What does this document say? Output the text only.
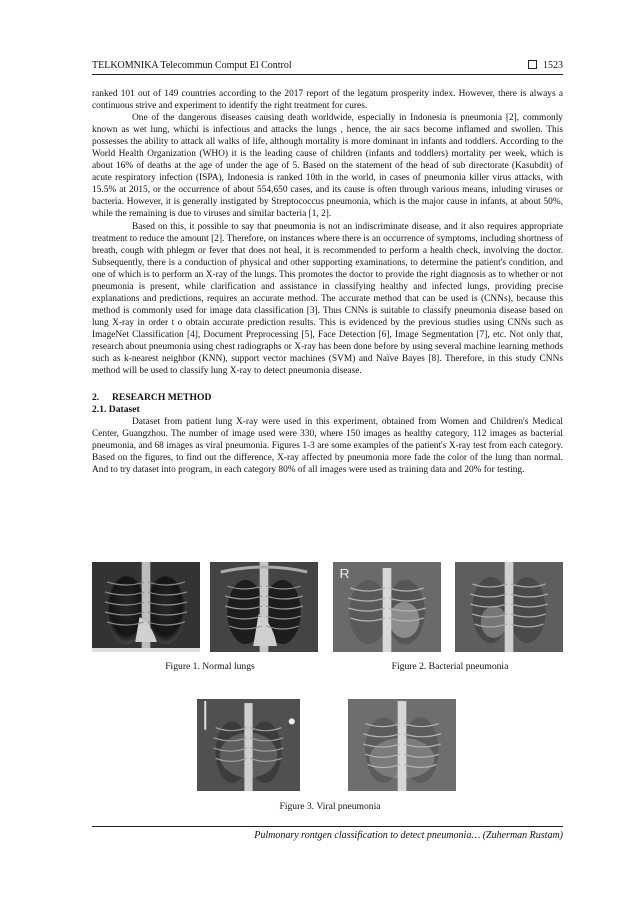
TELKOMNIKA Telecommun Comput El Control	1523

ranked 101 out of 149 countries according to the 2017 report of the legatum prosperity index. However, there is always a continuous strive and experiment to identify the right treatment for cures.

One of the dangerous diseases causing death worldwide, especially in Indonesia is pneumonia [2], commonly known as wet lung, whichi is infectious and attacks the lungs , hence, the air sacs become inflamed and swollen. This possesses the ability to attack all walks of life, although mortality is more dominant in infants and toddlers. According to the World Health Organization (WHO) it is the leading cause of children (infants and toddlers) mortality per week, which is about 16% of deaths at the age of under the age of 5. Based on the statement of the head of sub directorate (Kasubdit) of acute respiratory infection (ISPA), Indonesia is ranked 10th in the world, in cases of pneumonia killer virus attacks, with 15.5% at 2015, or the occurrence of about 554,650 cases, and its cause is often through various means, inluding viruses or bacteria. However, it is generally instigated by Streptococcus pneumonia, which is the major cause in infants, at about 50%, while the remaining is due to viruses and similar bacteria [1, 2].

Based on this, it possible to say that pneumonia is not an indiscriminate disease, and it also requires appropriate treatment to reduce the amount [2]. Therefore, on instances where there is an occurrence of symptoms, including shortness of breath, cough with phlegm or fever that does not heal, it is recommended to perform a health check, involving the doctor. Subsequently, there is a conduction of physical and other supporting examinations, to determine the patient's condition, and one of which is to perform an X-ray of the lungs. This promotes the doctor to provide the right diagnosis as to whether or not pneumonia is present, while clarification and assistance in classifying healthy and infected lungs, providing precise explanations and predictions, requires an accurate method. The accurate method that can be used is (CNNs), because this method is commonly used for image data classification [3]. Thus CNNs is suitable to classify pneumonia disease based on lung X-ray in order t o obtain accurate prediction results. This is evidenced by the previous studies using CNNs such as ImageNet Classification [4], Document Preprocessing [5], Face Detection [6], Image Segmentation [7], etc. Not only that, research about pneumonia using chest radiographs or X-ray has been done before by using several machine learning methods such as k-nearest neighbor (KNN), support vector machines (SVM) and Naïve Bayes [8]. Therefore, in this study CNNs method will be used to classify lung X-ray to detect pneumonia disease.

2. RESEARCH METHOD

2.1. Dataset

Dataset from patient lung X-ray were used in this experiment, obtained from Women and Children's Medical Center, Guangzhou. The number of image used were 330, where 150 images as healthy category, 112 images as bacterial pneumonia, and 68 images as viral pneumonia. Figures 1-3 are some examples of the patient's X-ray test from each category. Based on the figures, to find out the difference, X-ray affected by pneumonia more fade the color of the lung than normal. And to try dataset into program, in each category 80% of all images were used as training data and 20% for testing.

R
Figure 1. Normal lungs	Figure 2. Bacterial pneumonia
Figure 3. Viral pneumonia
Pulmonary rontgen classification to detect pneumonia… (Zuherman Rustam)
